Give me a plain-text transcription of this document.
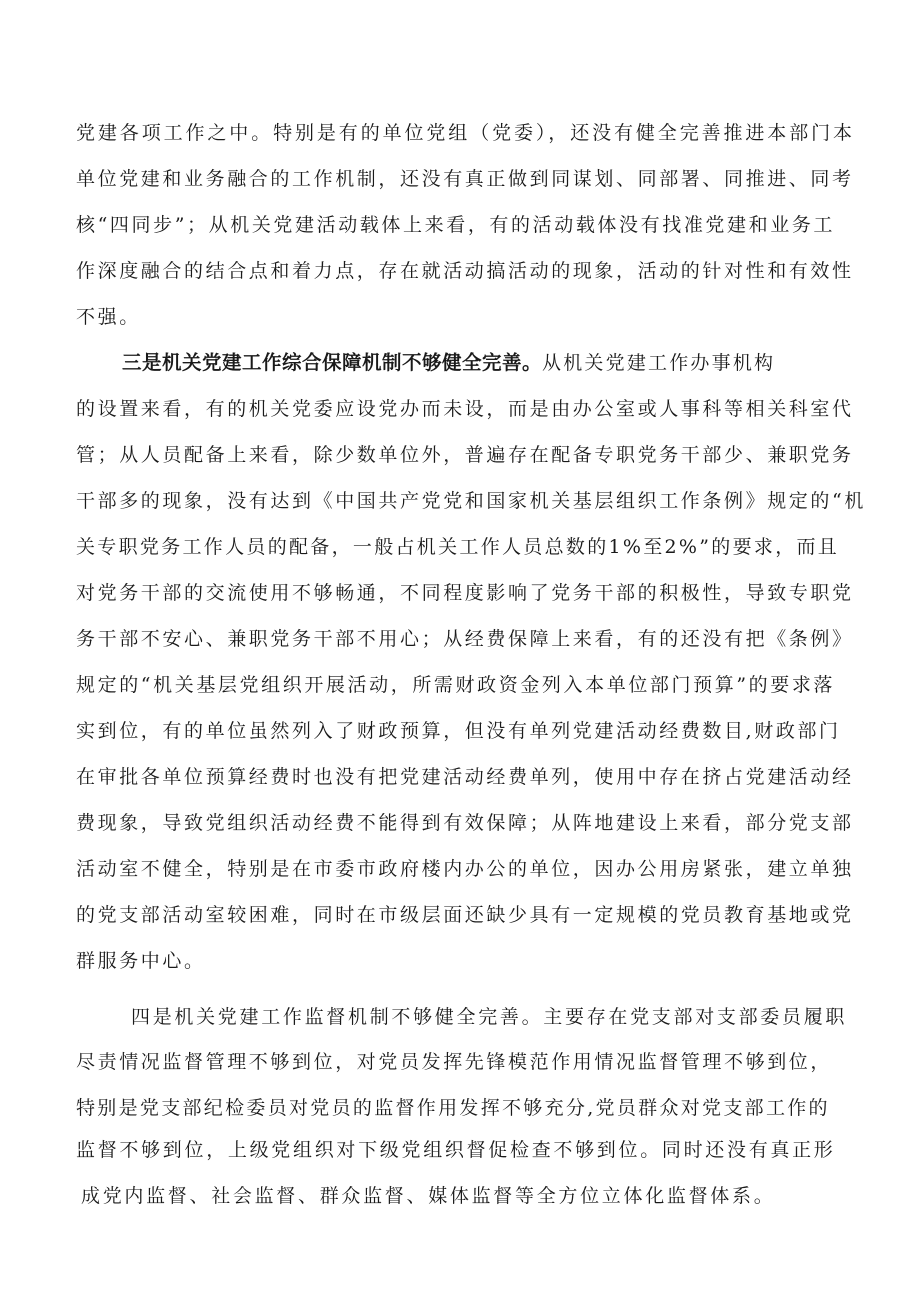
党建各项工作之中。特别是有的单位党组（党委），还没有健全完善推进本部门本
单位党建和业务融合的工作机制，还没有真正做到同谋划、同部署、同推进、同考
核“四同步”；从机关党建活动载体上来看，有的活动载体没有找准党建和业务工
作深度融合的结合点和着力点，存在就活动搞活动的现象，活动的针对性和有效性
不强。
三是机关党建工作综合保障机制不够健全完善。从机关党建工作办事机构
的设置来看，有的机关党委应设党办而未设，而是由办公室或人事科等相关科室代
管；从人员配备上来看，除少数单位外，普遍存在配备专职党务干部少、兼职党务
干部多的现象，没有达到《中国共产党党和国家机关基层组织工作条例》规定的“机
关专职党务工作人员的配备，一般占机关工作人员总数的1%至2%”的要求，而且
对党务干部的交流使用不够畅通，不同程度影响了党务干部的积极性，导致专职党
务干部不安心、兼职党务干部不用心；从经费保障上来看，有的还没有把《条例》
规定的“机关基层党组织开展活动，所需财政资金列入本单位部门预算”的要求落
实到位，有的单位虽然列入了财政预算，但没有单列党建活动经费数目,财政部门
在审批各单位预算经费时也没有把党建活动经费单列，使用中存在挤占党建活动经
费现象，导致党组织活动经费不能得到有效保障；从阵地建设上来看，部分党支部
活动室不健全，特别是在市委市政府楼内办公的单位，因办公用房紧张，建立单独
的党支部活动室较困难，同时在市级层面还缺少具有一定规模的党员教育基地或党
群服务中心。
四是机关党建工作监督机制不够健全完善。主要存在党支部对支部委员履职
尽责情况监督管理不够到位，对党员发挥先锋模范作用情况监督管理不够到位，
特别是党支部纪检委员对党员的监督作用发挥不够充分,党员群众对党支部工作的
监督不够到位，上级党组织对下级党组织督促检查不够到位。同时还没有真正形
成党内监督、社会监督、群众监督、媒体监督等全方位立体化监督体系。
